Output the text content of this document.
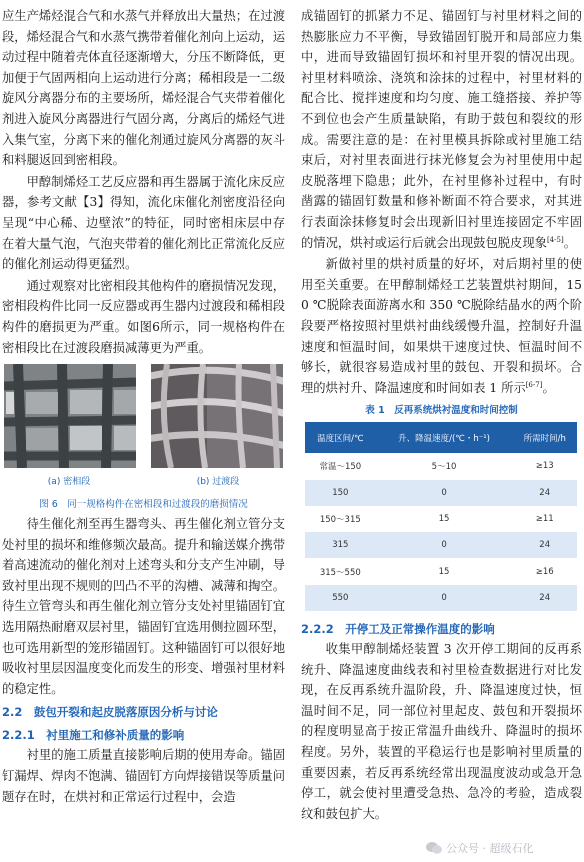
应生产烯烃混合气和水蒸气并释放出大量热；在过渡段，烯烃混合气和水蒸气携带着催化剂向上运动，运动过程中随着壳体直径逐渐增大，分压不断降低，更加便于气固两相向上运动进行分离；稀相段是一二级旋风分离器分布的主要场所，烯烃混合气夹带着催化剂进入旋风分离器进行气固分离，分离后的烯烃气进入集气室，分离下来的催化剂通过旋风分离器的灰斗和料腿返回到密相段。

甲醇制烯烃工艺反应器和再生器属于流化床反应器，参考文献【3】得知，流化床催化剂密度沿径向呈现“中心稀、边壁浓”的特征，同时密相床层中存在着大量气泡，气泡夹带着的催化剂比正常流化反应的催化剂运动得更猛烈。

通过观察对比密相段其他构件的磨损情况发现，密相段构件比同一反应器或再生器内过渡段和稀相段构件的磨损更为严重。如图6所示，同一规格构件在密相段比在过渡段磨损减薄更为严重。

(a) 密相段	(b) 过渡段
图 6　同一规格构件在密相段和过渡段的磨损情况

待生催化剂至再生器弯头、再生催化剂立管分支处衬里的损坏和维修频次最高。提升和输送媒介携带着高速流动的催化剂对上述弯头和分支产生冲刷，导致衬里出现不规则的凹凸不平的沟槽、减薄和掏空。待生立管弯头和再生催化剂立管分支处衬里锚固钉宜选用隔热耐磨双层衬里，锚固钉宜选用侧拉圆环型，也可选用新型的笼形锚固钉。这种锚固钉可以很好地吸收衬里层因温度变化而发生的形变、增强衬里材料的稳定性。

2.2　鼓包开裂和起皮脱落原因分析与讨论
2.2.1　衬里施工和修补质量的影响

衬里的施工质量直接影响后期的使用寿命。锚固钉漏焊、焊肉不饱满、锚固钉方向焊接错误等质量问题存在时，在烘衬和正常运行过程中，会造

成锚固钉的抓紧力不足、锚固钉与衬里材料之间的热膨胀应力不平衡，导致锚固钉脱开和局部应力集中，进而导致锚固钉损坏和衬里开裂的情况出现。衬里材料喷涂、浇筑和涂抹的过程中，衬里材料的配合比、搅拌速度和均匀度、施工缝搭接、养护等不到位也会产生质量缺陷，有助于鼓包和裂纹的形成。需要注意的是：在衬里模具拆除或衬里施工结束后，对衬里表面进行抹光修复会为衬里使用中起皮脱落埋下隐患；此外，在衬里修补过程中，有时凿露的锚固钉数量和修补断面不符合要求，对其进行表面涂抹修复时会出现新旧衬里连接固定不牢固的情况，烘衬或运行后就会出现鼓包脱皮现象[4-5]。

新做衬里的烘衬质量的好坏，对后期衬里的使用至关重要。在甲醇制烯烃工艺装置烘衬期间，150 ℃脱除表面游离水和 350 ℃脱除结晶水的两个阶段要严格按照衬里烘衬曲线缓慢升温，控制好升温速度和恒温时间，如果烘干速度过快、恒温时间不够长，就很容易造成衬里的鼓包、开裂和损坏。合理的烘衬升、降温速度和时间如表 1 所示[6-7]。

表 1　反再系统烘衬温度和时间控制
温度区间/℃	升、降温速度/(℃・h⁻¹)	所需时间/h
常温～150	5～10	≥13
150	0	24
150～315	15	≥11
315	0	24
315～550	15	≥16
550	0	24
2.2.2　开停工及正常操作温度的影响

收集甲醇制烯烃装置 3 次开停工期间的反再系统升、降温速度曲线表和衬里检查数据进行对比发现，在反再系统升温阶段，升、降温速度过快，恒温时间不足，同一部位衬里起皮、鼓包和开裂损坏的程度明显高于按正常温升曲线升、降温时的损坏程度。另外，装置的平稳运行也是影响衬里质量的重要因素，若反再系统经常出现温度波动或急开急停工，就会使衬里遭受急热、急冷的考验，造成裂纹和鼓包扩大。

公众号 · 超级石化
